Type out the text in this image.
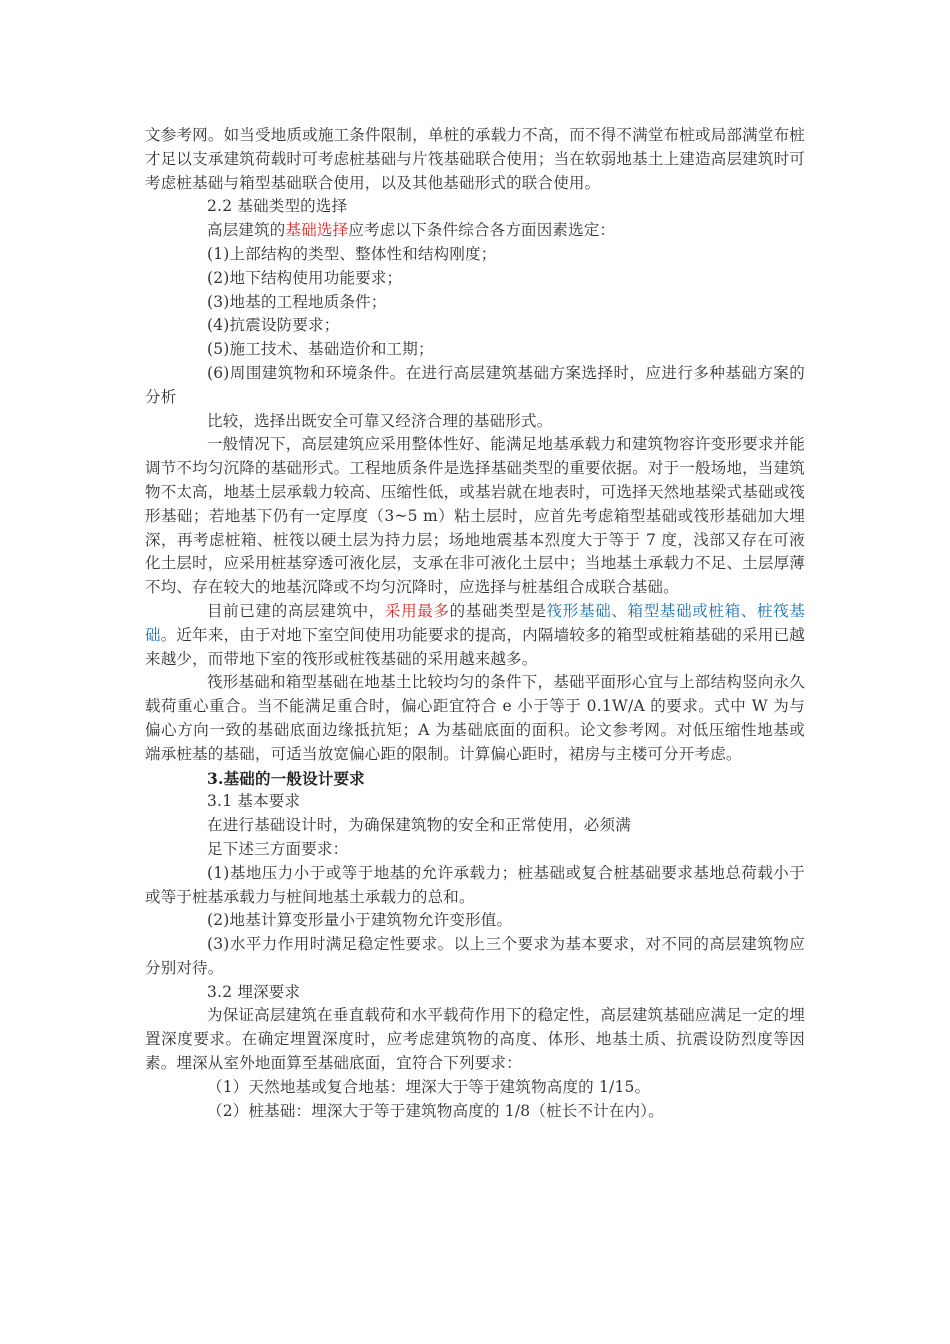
文参考网。如当受地质或施工条件限制，单桩的承载力不高，而不得不满堂布桩或局部满堂布桩才足以支承建筑荷载时可考虑桩基础与片筏基础联合使用；当在软弱地基土上建造高层建筑时可考虑桩基础与箱型基础联合使用，以及其他基础形式的联合使用。

2.2 基础类型的选择

高层建筑的基础选择应考虑以下条件综合各方面因素选定：

(1)上部结构的类型、整体性和结构刚度；

(2)地下结构使用功能要求；

(3)地基的工程地质条件；

(4)抗震设防要求；

(5)施工技术、基础造价和工期；

(6)周围建筑物和环境条件。在进行高层建筑基础方案选择时，应进行多种基础方案的分析

比较，选择出既安全可靠又经济合理的基础形式。

一般情况下，高层建筑应采用整体性好、能满足地基承载力和建筑物容许变形要求并能调节不均匀沉降的基础形式。工程地质条件是选择基础类型的重要依据。对于一般场地，当建筑物不太高，地基土层承载力较高、压缩性低，或基岩就在地表时，可选择天然地基梁式基础或筏形基础；若地基下仍有一定厚度（3~5 m）粘土层时，应首先考虑箱型基础或筏形基础加大埋深，再考虑桩箱、桩筏以硬土层为持力层；场地地震基本烈度大于等于 7 度，浅部又存在可液化土层时，应采用桩基穿透可液化层，支承在非可液化土层中；当地基土承载力不足、土层厚薄不均、存在较大的地基沉降或不均匀沉降时，应选择与桩基组合成联合基础。

目前已建的高层建筑中，采用最多的基础类型是筏形基础、箱型基础或桩箱、桩筏基础。近年来，由于对地下室空间使用功能要求的提高，内隔墙较多的箱型或桩箱基础的采用已越来越少，而带地下室的筏形或桩筏基础的采用越来越多。

筏形基础和箱型基础在地基土比较均匀的条件下，基础平面形心宜与上部结构竖向永久载荷重心重合。当不能满足重合时，偏心距宜符合 e 小于等于 0.1W/A 的要求。式中 W 为与偏心方向一致的基础底面边缘抵抗矩；A 为基础底面的面积。论文参考网。对低压缩性地基或端承桩基的基础，可适当放宽偏心距的限制。计算偏心距时，裙房与主楼可分开考虑。

3.基础的一般设计要求

3.1 基本要求

在进行基础设计时，为确保建筑物的安全和正常使用，必须满

足下述三方面要求：

(1)基地压力小于或等于地基的允许承载力；桩基础或复合桩基础要求基地总荷载小于或等于桩基承载力与桩间地基土承载力的总和。

(2)地基计算变形量小于建筑物允许变形值。

(3)水平力作用时满足稳定性要求。以上三个要求为基本要求，对不同的高层建筑物应分别对待。

3.2 埋深要求

为保证高层建筑在垂直载荷和水平载荷作用下的稳定性，高层建筑基础应满足一定的埋置深度要求。在确定埋置深度时，应考虑建筑物的高度、体形、地基土质、抗震设防烈度等因素。埋深从室外地面算至基础底面，宜符合下列要求：

（1）天然地基或复合地基：埋深大于等于建筑物高度的 1/15。

（2）桩基础：埋深大于等于建筑物高度的 1/8（桩长不计在内）。
